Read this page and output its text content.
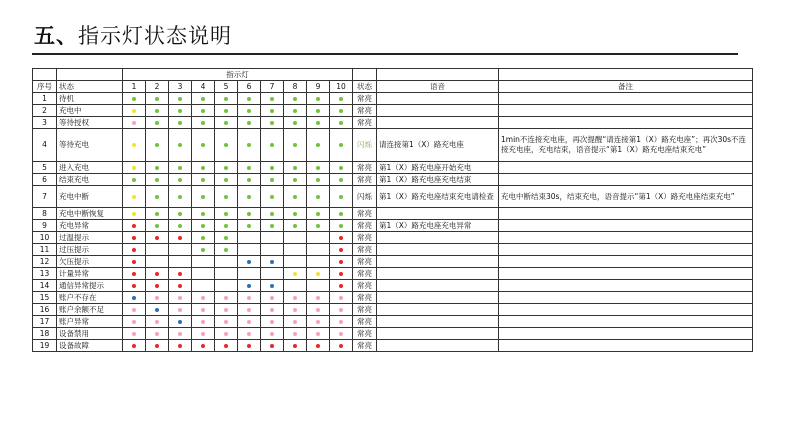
五、指示灯状态说明
		指示灯												
序号	状态	1	2	3	4	5	6	7	8	9	10	状态	语音	备注
1	待机											常亮		
2	充电中											常亮		
3	等待授权											常亮		
4	等待充电											闪烁	请连接第1（X）路充电座	1min不连接充电座，再次提醒“请连接第1（X）路充电座”；再次30s不连接充电座，充电结束，语音提示“第1（X）路充电座结束充电”
5	进入充电											常亮	第1（X）路充电座开始充电	
6	结束充电											常亮	第1（X）路充电座充电结束	
7	充电中断											闪烁	第1（X）路充电座结束充电请检查	充电中断结束30s，结束充电，语音提示“第1（X）路充电座结束充电”
8	充电中断恢复											常亮		
9	充电异常											常亮	第1（X）路充电座充电异常	
10	过温提示											常亮		
11	过压提示											常亮		
12	欠压提示											常亮		
13	计量异常											常亮		
14	通信异常提示											常亮		
15	账户不存在											常亮		
16	账户余额不足											常亮		
17	账户异常											常亮		
18	设备禁用											常亮		
19	设备故障											常亮		
